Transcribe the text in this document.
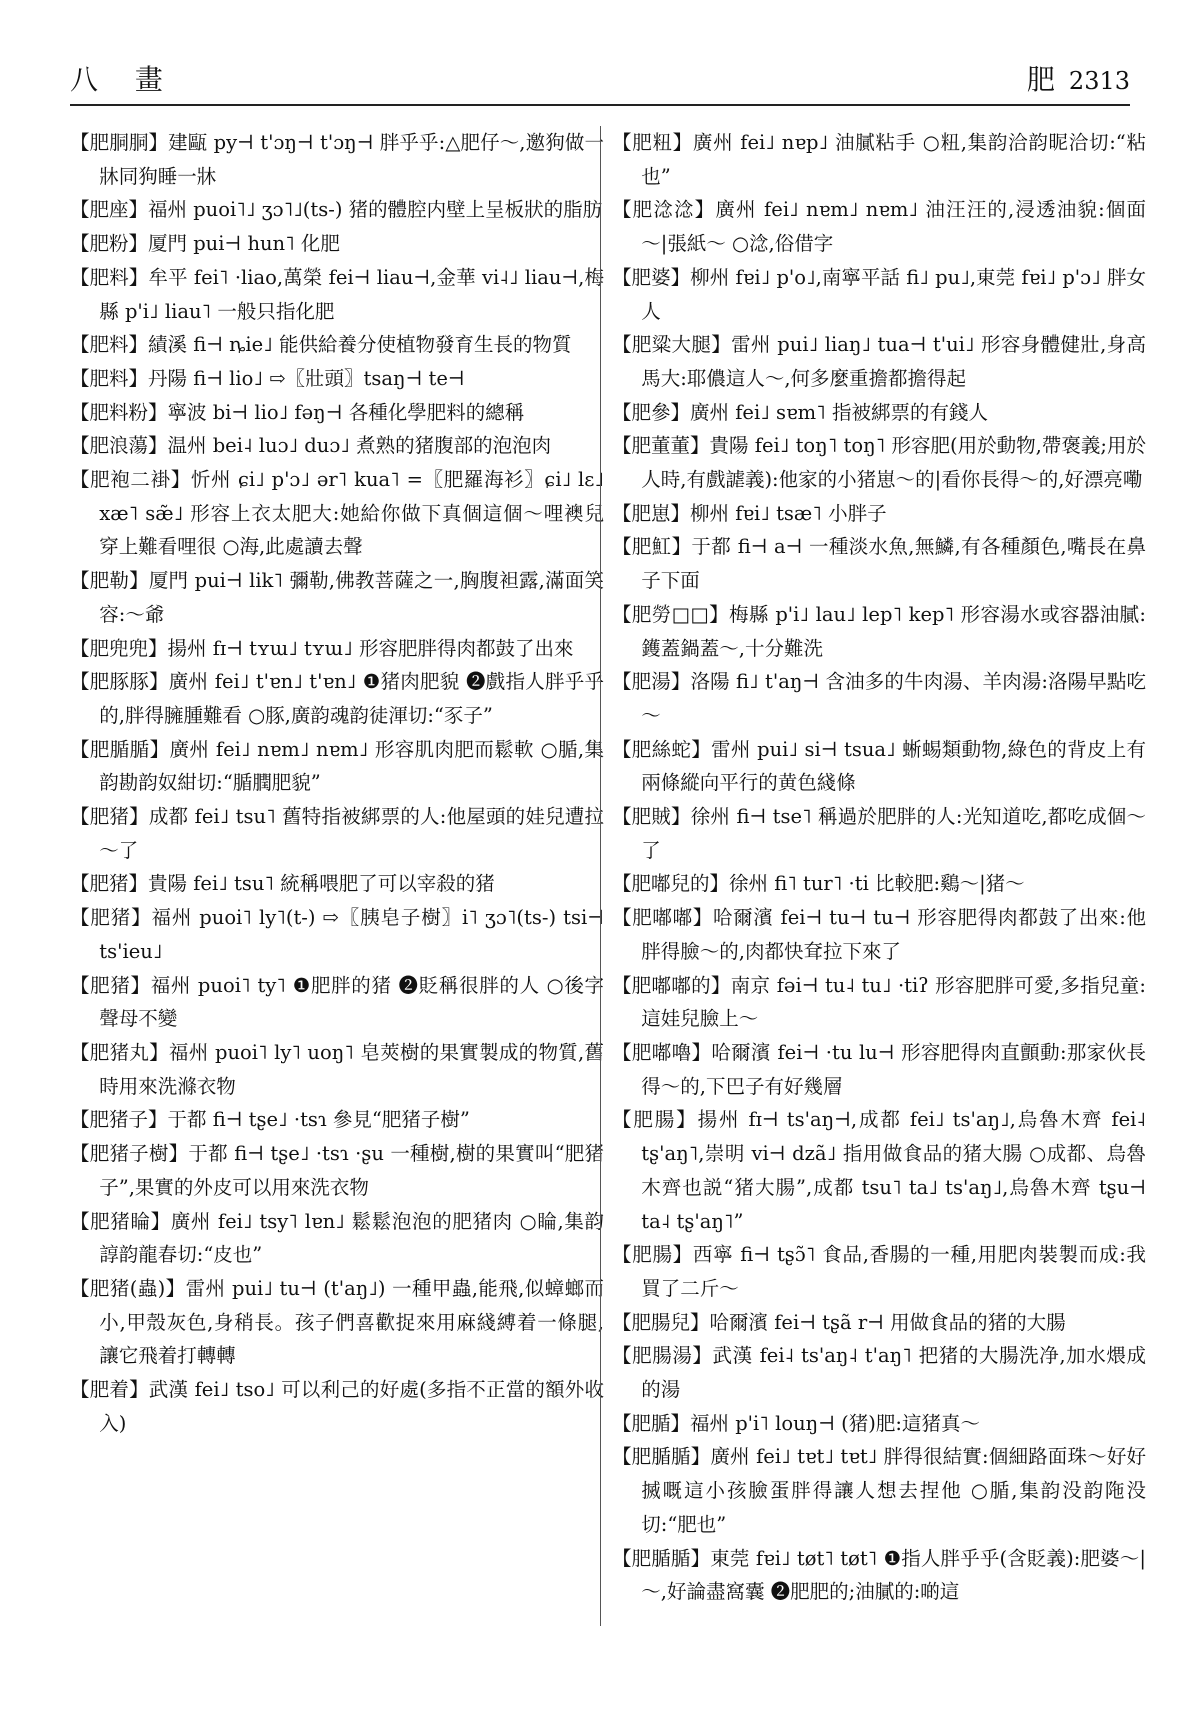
八 畫	肥 2313

【肥胴胴】建甌 py⊣ t'ɔŋ⊣ t'ɔŋ⊣ 胖乎乎:△肥仔～,邀狗做一牀同狗睡一牀

【肥座】福州 puoi˥˩ ʒɔ˥˩(ts-) 猪的體腔内壁上呈板狀的脂肪

【肥粉】厦門 pui⊣ hun˥ 化肥

【肥料】牟平 fei˥ ·liao,萬榮 fei⊣ liau⊣,金華 vi˨˩ liau⊣,梅縣 p'i˩ liau˥ 一般只指化肥

【肥料】績溪 fi⊣ ȵie˩ 能供給養分使植物發育生長的物質

【肥料】丹陽 fi⊣ lio˩ ⇨〖壯頭〗tsaŋ⊣ te⊣

【肥料粉】寧波 bi⊣ lio˩ fəŋ⊣ 各種化學肥料的總稱

【肥浪蕩】温州 bei˨ luɔ˩ duɔ˩ 煮熟的猪腹部的泡泡肉

【肥袍二褂】忻州 ɕi˩ p'ɔ˩ ər˥ kua˥ =〖肥羅海衫〗ɕi˩ lɛ˩ xæ˥ sæ̃˩ 形容上衣太肥大:她給你做下真個這個～哩襖兒穿上難看哩很 ○海,此處讀去聲

【肥勒】厦門 pui⊣ lik˥ 彌勒,佛教菩薩之一,胸腹袒露,滿面笑容:～爺

【肥兜兜】揚州 fɪ⊣ tʏɯ˩ tʏɯ˩ 形容肥胖得肉都鼓了出來

【肥豚豚】廣州 fei˩ t'ɐn˩ t'ɐn˩ ❶猪肉肥貌 ❷戲指人胖乎乎的,胖得臃腫難看 ○豚,廣韵魂韵徒渾切:“豕子”

【肥腯腯】廣州 fei˩ nɐm˩ nɐm˩ 形容肌肉肥而鬆軟 ○腯,集韵勘韵奴紺切:“腯膶肥貌”

【肥猪】成都 fei˩ tsu˥ 舊特指被綁票的人:他屋頭的娃兒遭拉～了

【肥猪】貴陽 fei˩ tsu˥ 統稱喂肥了可以宰殺的猪

【肥猪】福州 puoi˥ ly˥(t-) ⇨〖胰皂子樹〗i˥ ʒɔ˥(ts-) tsi⊣ ts'ieu˩

【肥猪】福州 puoi˥ ty˥ ❶肥胖的猪 ❷貶稱很胖的人 ○後字聲母不變

【肥猪丸】福州 puoi˥ ly˥ uoŋ˥ 皂莢樹的果實製成的物質,舊時用來洗滌衣物

【肥猪子】于都 fi⊣ tʂe˩ ·tsɿ 參見“肥猪子樹”

【肥猪子樹】于都 fi⊣ tʂe˩ ·tsɿ ·ʂu 一種樹,樹的果實叫“肥猪子”,果實的外皮可以用來洗衣物

【肥猪睔】廣州 fei˩ tsy˥ lɐn˩ 鬆鬆泡泡的肥猪肉 ○睔,集韵諄韵龍春切:“皮也”

【肥猪(蟲)】雷州 pui˩ tu⊣ (t'aŋ˩) 一種甲蟲,能飛,似蟑螂而小,甲殼灰色,身稍長。孩子們喜歡捉來用麻綫縛着一條腿,讓它飛着打轉轉

【肥着】武漢 fei˩ tso˩ 可以利己的好處(多指不正當的額外收入)

【肥粈】廣州 fei˩ nɐp˩ 油膩粘手 ○粈,集韵洽韵昵洽切:“粘也”

【肥淰淰】廣州 fei˩ nɐm˩ nɐm˩ 油汪汪的,浸透油貌:個面～|張紙～ ○淰,俗借字

【肥婆】柳州 fɐi˩ p'o˩,南寧平話 fi˩ pu˩,東莞 fɐi˩ p'ɔ˩ 胖女人

【肥粱大腿】雷州 pui˩ liaŋ˩ tua⊣ t'ui˩ 形容身體健壯,身高馬大:耶儂這人～,何多麼重擔都擔得起

【肥參】廣州 fei˩ sɐm˥ 指被綁票的有錢人

【肥董董】貴陽 fei˩ toŋ˥ toŋ˥ 形容肥(用於動物,帶褒義;用於人時,有戲謔義):他家的小猪崽～的|看你長得～的,好漂亮嘞

【肥崽】柳州 fɐi˩ tsæ˥ 小胖子

【肥魟】于都 fi⊣ a⊣ 一種淡水魚,無鱗,有各種顏色,嘴長在鼻子下面

【肥勞□□】梅縣 p'i˩ lau˩ lep˥ kep˥ 形容湯水或容器油膩:鑊蓋鍋蓋～,十分難洗

【肥湯】洛陽 fi˩ t'aŋ⊣ 含油多的牛肉湯、羊肉湯:洛陽早點吃～

【肥絲蛇】雷州 pui˩ si⊣ tsua˩ 蜥蜴類動物,綠色的背皮上有兩條縱向平行的黄色綫條

【肥賊】徐州 fi⊣ tse˥ 稱過於肥胖的人:光知道吃,都吃成個～了

【肥嘟兒的】徐州 fi˥ tur˥ ·ti 比較肥:鷄～|猪～

【肥嘟嘟】哈爾濱 fei⊣ tu⊣ tu⊣ 形容肥得肉都鼓了出來:他胖得臉～的,肉都快耷拉下來了

【肥嘟嘟的】南京 fəi⊣ tu˨ tu˩ ·tiʔ 形容肥胖可愛,多指兒童:這娃兒臉上～

【肥嘟嚕】哈爾濱 fei⊣ ·tu lu⊣ 形容肥得肉直顫動:那家伙長得～的,下巴子有好幾層

【肥腸】揚州 fɪ⊣ ts'aŋ⊣,成都 fei˩ ts'aŋ˩,烏魯木齊 fei˨ tʂ'aŋ˥,崇明 vi⊣ dzã˩ 指用做食品的猪大腸 ○成都、烏魯木齊也説“猪大腸”,成都 tsu˥ ta˩ ts'aŋ˩,烏魯木齊 tʂu⊣ ta˨ tʂ'aŋ˥”

【肥腸】西寧 fi⊣ tʂɔ̃˥ 食品,香腸的一種,用肥肉裝製而成:我買了二斤～

【肥腸兒】哈爾濱 fei⊣ tʂã r⊣ 用做食品的猪的大腸

【肥腸湯】武漢 fei˨ ts'aŋ˨ t'aŋ˥ 把猪的大腸洗净,加水煨成的湯

【肥腯】福州 p'i˥ louŋ⊣ (猪)肥:這猪真～

【肥腯腯】廣州 fei˩ tɐt˩ tɐt˩ 胖得很結實:個細路面珠～好好搣嘅這小孩臉蛋胖得讓人想去捏他 ○腯,集韵没韵陁没切:“肥也”

【肥腯腯】東莞 fɐi˩ tøt˥ tøt˥ ❶指人胖乎乎(含貶義):肥婆～|～,好論盡窩囊 ❷肥肥的;油膩的:啲這
